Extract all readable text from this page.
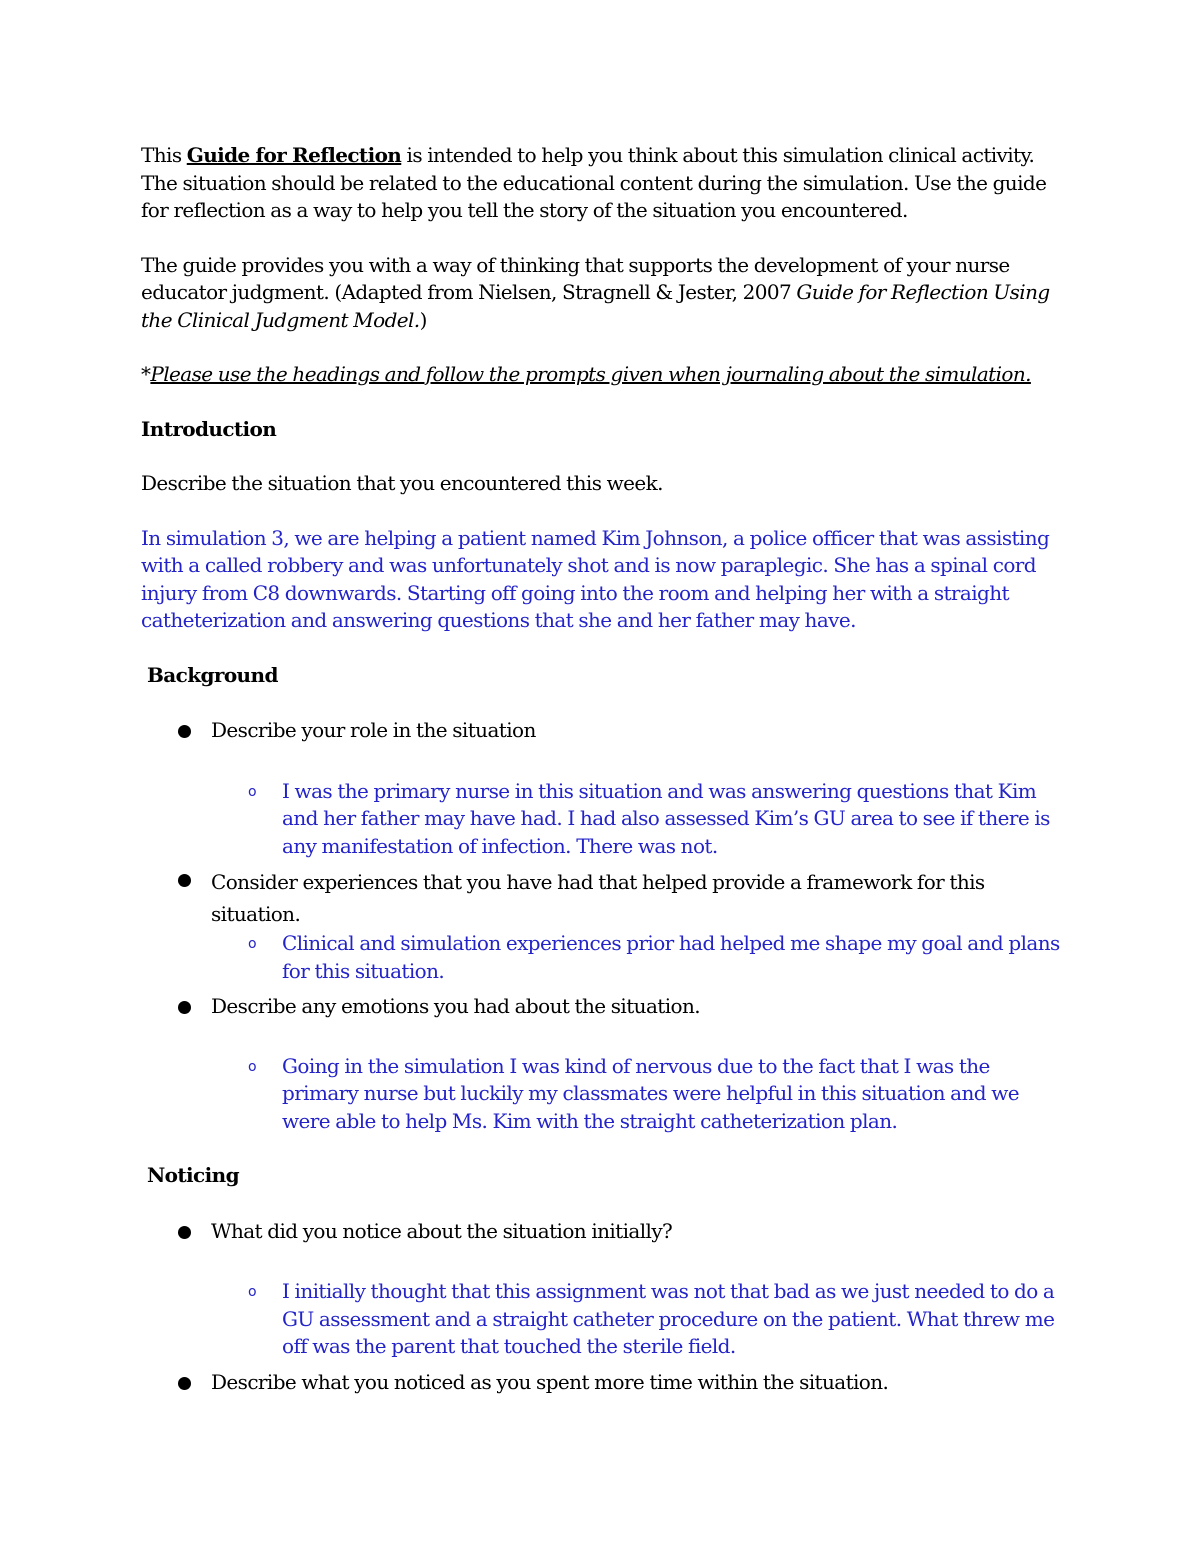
This Guide for Reflection is intended to help you think about this simulation clinical activity. The situation should be related to the educational content during the simulation. Use the guide for reflection as a way to help you tell the story of the situation you encountered.

The guide provides you with a way of thinking that supports the development of your nurse educator judgment. (Adapted from Nielsen, Stragnell & Jester, 2007 Guide for Reflection Using the Clinical Judgment Model.)

*Please use the headings and follow the prompts given when journaling about the simulation.

Introduction

Describe the situation that you encountered this week.

In simulation 3, we are helping a patient named Kim Johnson, a police officer that was assisting with a called robbery and was unfortunately shot and is now paraplegic. She has a spinal cord injury from C8 downwards. Starting off going into the room and helping her with a straight catheterization and answering questions that she and her father may have.

Background

Describe your role in the situation
o I was the primary nurse in this situation and was answering questions that Kim and her father may have had. I had also assessed Kim’s GU area to see if there is any manifestation of infection. There was not.
Consider experiences that you have had that helped provide a framework for this situation.
o Clinical and simulation experiences prior had helped me shape my goal and plans for this situation.
Describe any emotions you had about the situation.
o Going in the simulation I was kind of nervous due to the fact that I was the primary nurse but luckily my classmates were helpful in this situation and we were able to help Ms. Kim with the straight catheterization plan.

Noticing

What did you notice about the situation initially?
o I initially thought that this assignment was not that bad as we just needed to do a GU assessment and a straight catheter procedure on the patient. What threw me off was the parent that touched the sterile field.
Describe what you noticed as you spent more time within the situation.
